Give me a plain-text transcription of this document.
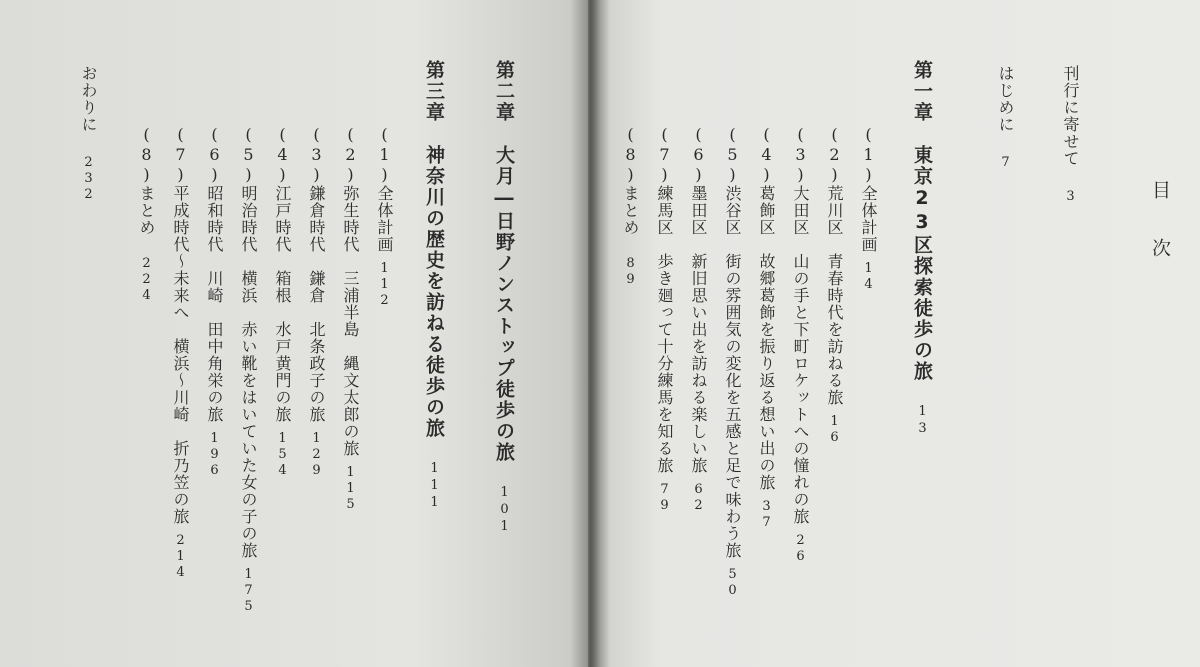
目　次
刊行に寄せて3
はじめに7
第一章東京23区探索徒歩の旅13
(1)全体計画14
(2)荒川区　青春時代を訪ねる旅16
(3)大田区　山の手と下町ロケットへの憧れの旅26
(4)葛飾区　故郷葛飾を振り返る想い出の旅37
(5)渋谷区　街の雰囲気の変化を五感と足で味わう旅50
(6)墨田区　新旧思い出を訪ねる楽しい旅62
(7)練馬区　歩き廻って十分練馬を知る旅79
(8)まとめ89
第二章大月―日野ノンストップ徒歩の旅101
第三章神奈川の歴史を訪ねる徒歩の旅111
(1)全体計画112
(2)弥生時代　三浦半島　縄文太郎の旅115
(3)鎌倉時代　鎌倉　北条政子の旅129
(4)江戸時代　箱根　水戸黄門の旅154
(5)明治時代　横浜　赤い靴をはいていた女の子の旅175
(6)昭和時代　川崎　田中角栄の旅196
(7)平成時代～未来へ　横浜～川崎　折乃笠の旅214
(8)まとめ224
おわりに232
